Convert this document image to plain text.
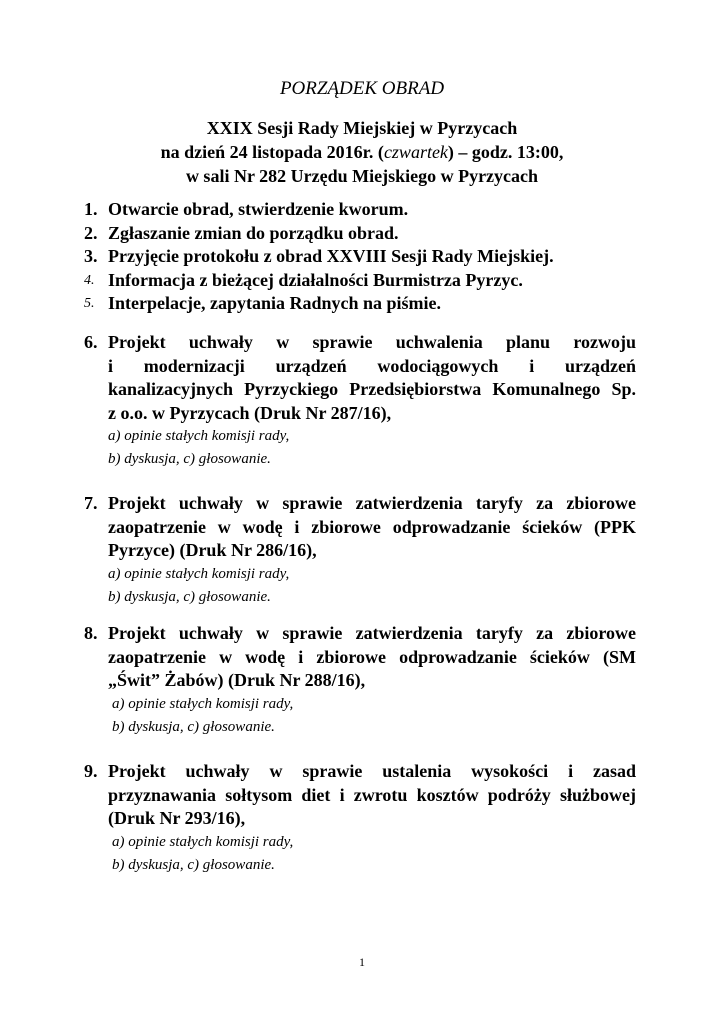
PORZĄDEK OBRAD
XXIX Sesji Rady Miejskiej w Pyrzycach
na dzień 24 listopada 2016r. (czwartek) – godz. 13:00,
w sali Nr 282 Urzędu Miejskiego w Pyrzycach
1. Otwarcie obrad, stwierdzenie kworum.
2. Zgłaszanie zmian do porządku obrad.
3. Przyjęcie protokołu z obrad XXVIII Sesji Rady Miejskiej.
4. Informacja z bieżącej działalności Burmistrza Pyrzyc.
5. Interpelacje, zapytania Radnych na piśmie.
6. Projekt uchwały w sprawie uchwalenia planu rozwoju
i modernizacji urządzeń wodociągowych i urządzeń
kanalizacyjnych Pyrzyckiego Przedsiębiorstwa Komunalnego Sp.
z o.o. w Pyrzycach (Druk Nr 287/16),
a) opinie stałych komisji rady,
b) dyskusja, c) głosowanie.
7. Projekt uchwały w sprawie zatwierdzenia taryfy za zbiorowe
zaopatrzenie w wodę i zbiorowe odprowadzanie ścieków (PPK
Pyrzyce) (Druk Nr 286/16),
a) opinie stałych komisji rady,
b) dyskusja, c) głosowanie.
8. Projekt uchwały w sprawie zatwierdzenia taryfy za zbiorowe
zaopatrzenie w wodę i zbiorowe odprowadzanie ścieków (SM
„Świt” Żabów) (Druk Nr 288/16),
a) opinie stałych komisji rady,
b) dyskusja, c) głosowanie.
9. Projekt uchwały w sprawie ustalenia wysokości i zasad
przyznawania sołtysom diet i zwrotu kosztów podróży służbowej
(Druk Nr 293/16),
a) opinie stałych komisji rady,
b) dyskusja, c) głosowanie.
1
